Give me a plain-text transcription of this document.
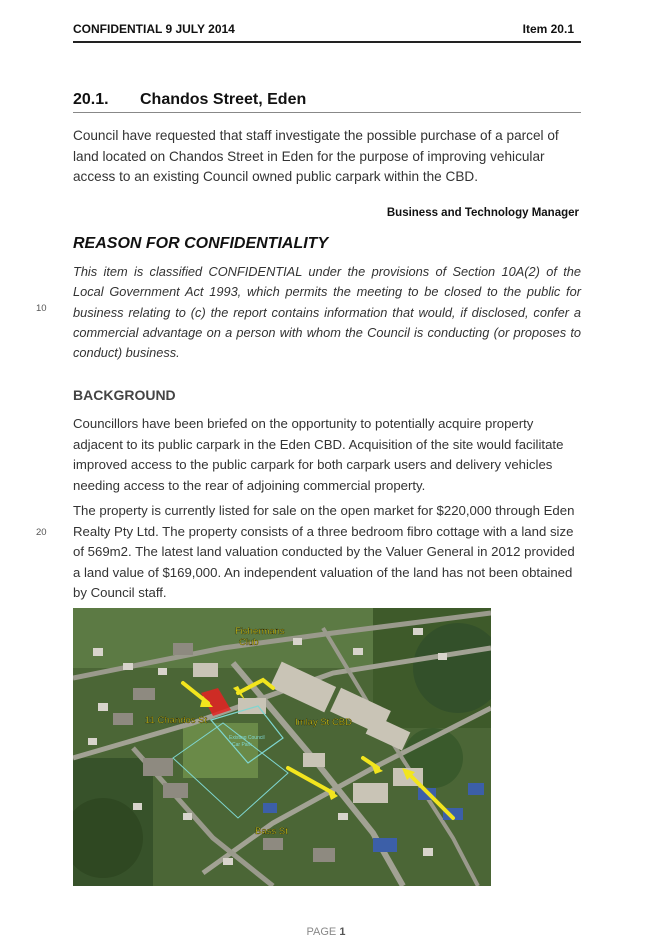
CONFIDENTIAL 9 JULY 2014	Item 20.1
20.1. Chandos Street, Eden

Council have requested that staff investigate the possible purchase of a parcel of land located on Chandos Street in Eden for the purpose of improving vehicular access to an existing Council owned public carpark within the CBD.

Business and Technology Manager
REASON FOR CONFIDENTIALITY

This item is classified CONFIDENTIAL under the provisions of Section 10A(2) of the Local Government Act 1993, which permits the meeting to be closed to the public for business relating to (c) the report contains information that would, if disclosed, confer a commercial advantage on a person with whom the Council is conducting (or proposes to conduct) business.

10
20
BACKGROUND

Councillors have been briefed on the opportunity to potentially acquire property adjacent to its public carpark in the Eden CBD. Acquisition of the site would facilitate improved access to the public carpark for both carpark users and delivery vehicles needing access to the rear of adjoining commercial property.

The property is currently listed for sale on the open market for $220,000 through Eden Realty Pty Ltd. The property consists of a three bedroom fibro cottage with a land size of 569m2. The latest land valuation conducted by the Valuer General in 2012 provided a land value of $169,000. An independent valuation of the land has not been obtained by Council staff.

Fishermans
Club
11 Chandos St	Imlay St CBD
Bass St
Existing Council
Car Park
PAGE 1
